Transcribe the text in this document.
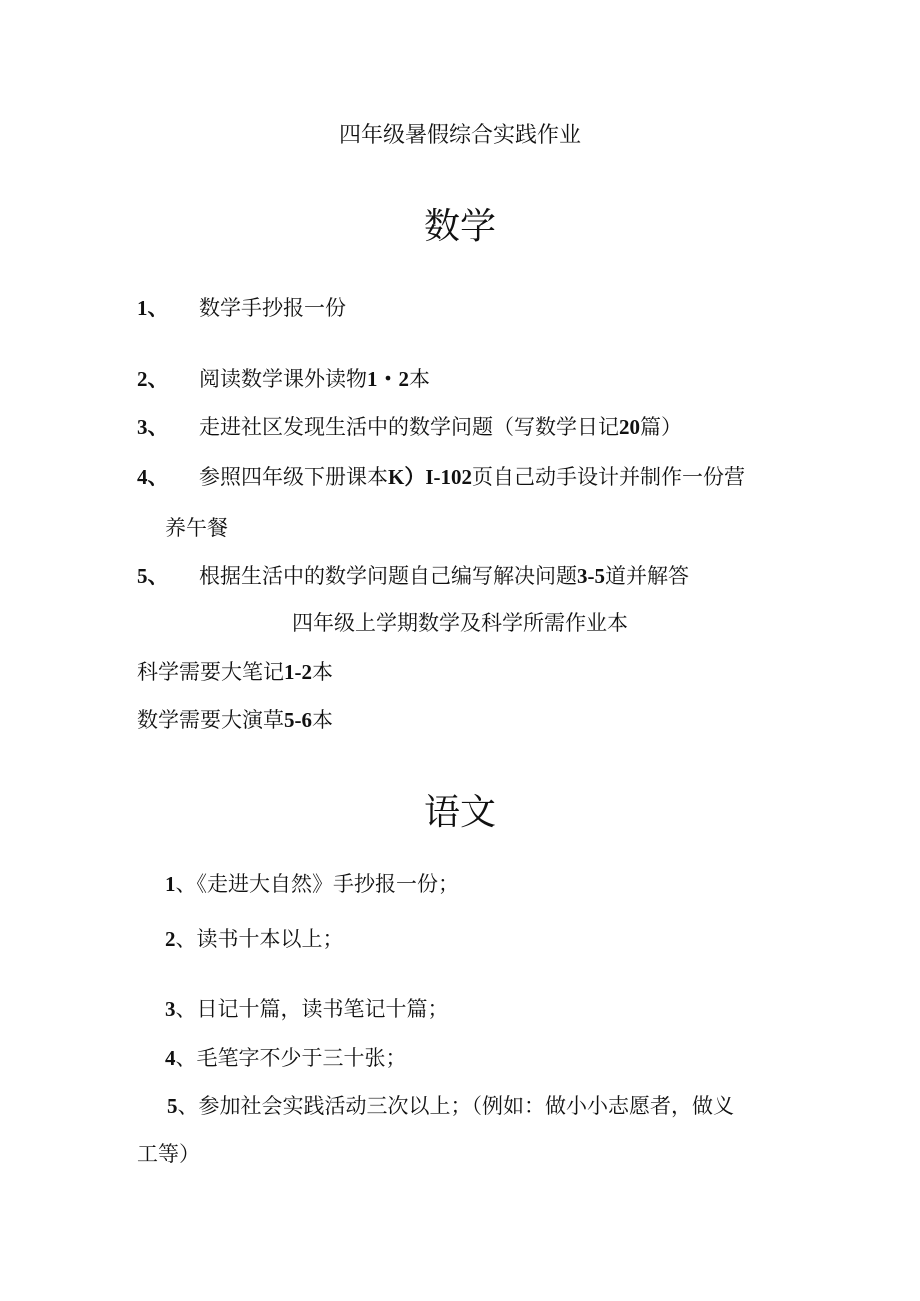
四年级暑假综合实践作业
数学
1、 数学手抄报一份
2、 阅读数学课外读物1・2本
3、 走进社区发现生活中的数学问题（写数学日记20篇）
4、 参照四年级下册课本K）I-102页自己动手设计并制作一份营
养午餐
5、 根据生活中的数学问题自己编写解决问题3-5道并解答
四年级上学期数学及科学所需作业本
科学需要大笔记1-2本
数学需要大演草5-6本
语文
1、《走进大自然》手抄报一份；
2、读书十本以上；
3、日记十篇，读书笔记十篇；
4、毛笔字不少于三十张；
5、参加社会实践活动三次以上；（例如：做小小志愿者，做义
工等）
